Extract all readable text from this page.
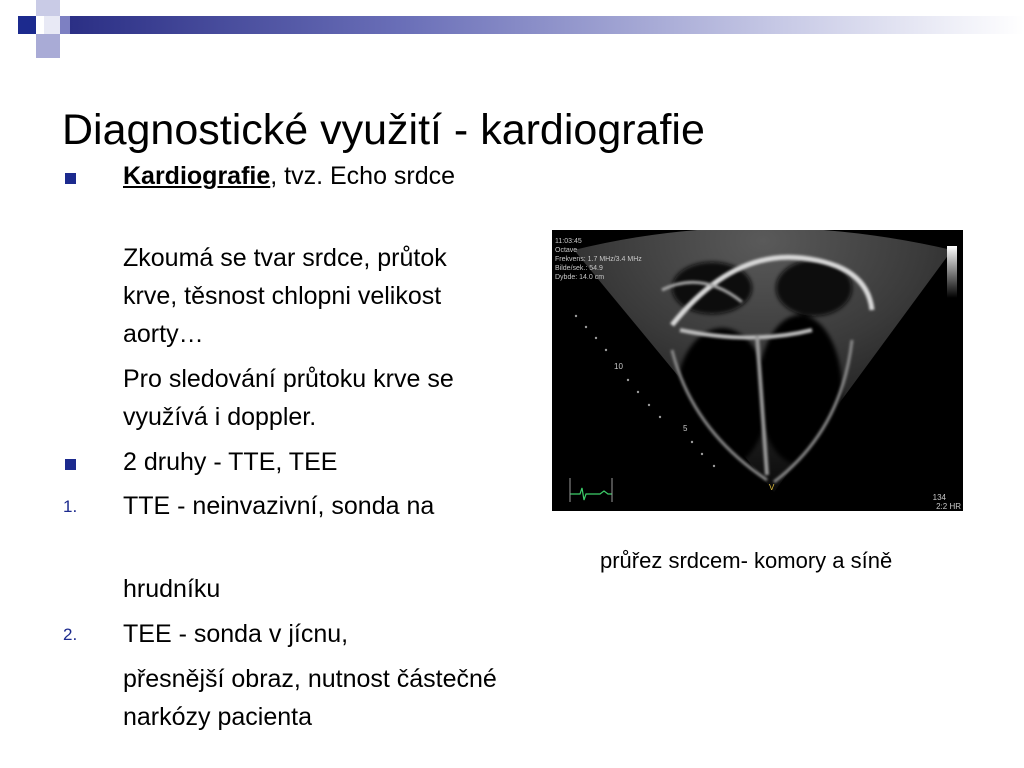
Diagnostické využití - kardiografie
Kardiografie, tvz. Echo srdce
Zkoumá se tvar srdce, průtok krve, těsnost chlopni velikost aorty…
Pro sledování průtoku krve se využívá i doppler.
2 druhy - TTE, TEE
1. TTE - neinvazivní, sonda na
hrudníku
2. TEE - sonda v jícnu,
přesnější obraz, nutnost částečné narkózy pacienta
11:03:45
Octave
Frekvens: 1.7 MHz/3.4 MHz
Bilde/sek.: 54.9
Dybde: 14.0 cm
10
5
V
134
2:2 HR
průřez srdcem- komory a síně
